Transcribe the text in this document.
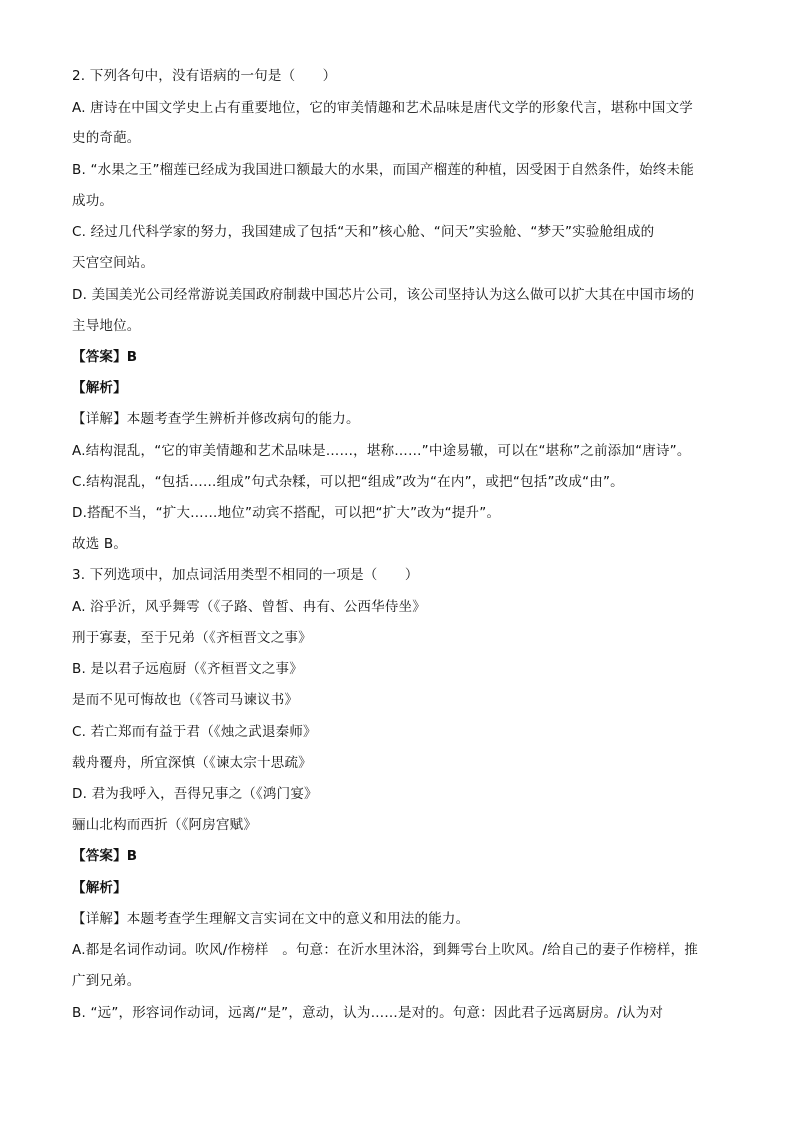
2. 下列各句中，没有语病的一句是（　　）
A. 唐诗在中国文学史上占有重要地位，它的审美情趣和艺术品味是唐代文学的形象代言，堪称中国文学
史的奇葩。
B. “水果之王”榴莲已经成为我国进口额最大的水果，而国产榴莲的种植，因受困于自然条件，始终未能
成功。
C. 经过几代科学家的努力，我国建成了包括“天和”核心舱、“问天”实验舱、“梦天”实验舱组成的
天宫空间站。
D. 美国美光公司经常游说美国政府制裁中国芯片公司，该公司坚持认为这么做可以扩大其在中国市场的
主导地位。
【答案】B
【解析】
【详解】本题考查学生辨析并修改病句的能力。
A.结构混乱，“它的审美情趣和艺术品味是……，堪称……”中途易辙，可以在“堪称”之前添加“唐诗”。
C.结构混乱，“包括……组成”句式杂糅，可以把“组成”改为“在内”，或把“包括”改成“由”。
D.搭配不当，“扩大……地位”动宾不搭配，可以把“扩大”改为“提升”。
故选 B。
3. 下列选项中，加点词活用类型不相同的一项是（　　）
A. 浴乎沂，风乎舞雩（《子路、曾皙、冉有、公西华侍坐》
刑于寡妻，至于兄弟（《齐桓晋文之事》
B. 是以君子远庖厨（《齐桓晋文之事》
是而不见可悔故也（《答司马谏议书》
C. 若亡郑而有益于君（《烛之武退秦师》
载舟覆舟，所宜深慎（《谏太宗十思疏》
D. 君为我呼入，吾得兄事之（《鸿门宴》
骊山北构而西折（《阿房宫赋》
【答案】B
【解析】
【详解】本题考查学生理解文言实词在文中的意义和用法的能力。
A.都是名词作动词。吹风/作榜样　。句意：在沂水里沐浴，到舞雩台上吹风。/给自己的妻子作榜样，推
广到兄弟。
B. “远”，形容词作动词，远离/“是”，意动，认为……是对的。句意：因此君子远离厨房。/认为对
